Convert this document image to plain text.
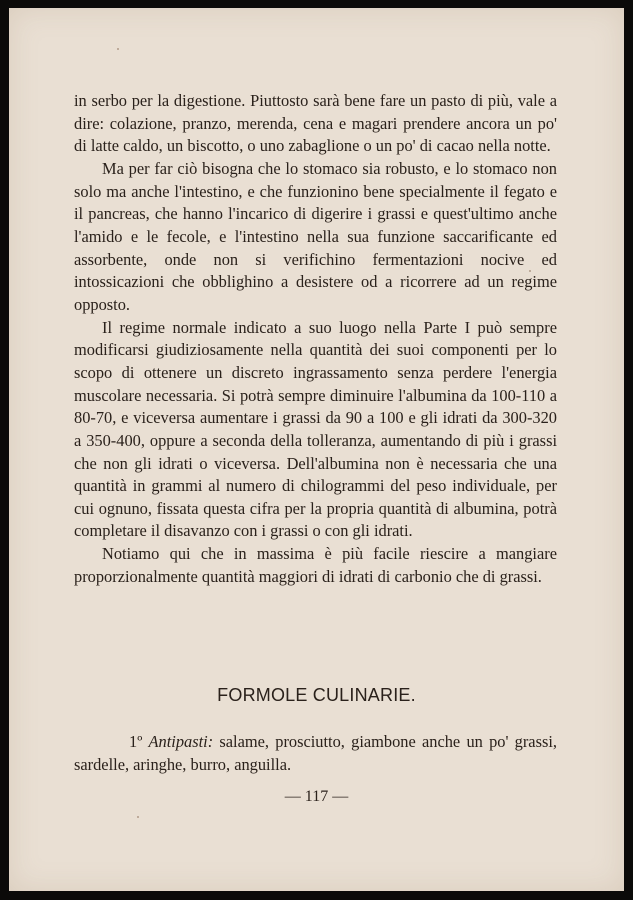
in serbo per la digestione. Piuttosto sarà bene fare un pasto di più, vale a dire: colazione, pranzo, merenda, cena e magari prendere ancora un po' di latte caldo, un biscotto, o uno zabaglione o un po' di cacao nella notte.

Ma per far ciò bisogna che lo stomaco sia robusto, e lo stomaco non solo ma anche l'intestino, e che funzionino bene specialmente il fegato e il pancreas, che hanno l'incarico di digerire i grassi e quest'ultimo anche l'amido e le fecole, e l'intestino nella sua funzione saccarificante ed assorbente, onde non si verifichino fermentazioni nocive ed intossicazioni che obblighino a desistere od a ricorrere ad un regime opposto.

Il regime normale indicato a suo luogo nella Parte I può sempre modificarsi giudiziosamente nella quantità dei suoi componenti per lo scopo di ottenere un discreto ingrassamento senza perdere l'energia muscolare necessaria. Si potrà sempre diminuire l'albumina da 100-110 a 80-70, e viceversa aumentare i grassi da 90 a 100 e gli idrati da 300-320 a 350-400, oppure a seconda della tolleranza, aumentando di più i grassi che non gli idrati o viceversa. Dell'albumina non è necessaria che una quantità in grammi al numero di chilogrammi del peso individuale, per cui ognuno, fissata questa cifra per la propria quantità di albumina, potrà completare il disavanzo con i grassi o con gli idrati.

Notiamo qui che in massima è più facile riescire a mangiare proporzionalmente quantità maggiori di idrati di carbonio che di grassi.

FORMOLE CULINARIE.

1º Antipasti: salame, prosciutto, giambone anche un po' grassi, sardelle, aringhe, burro, anguilla.

— 117 —
